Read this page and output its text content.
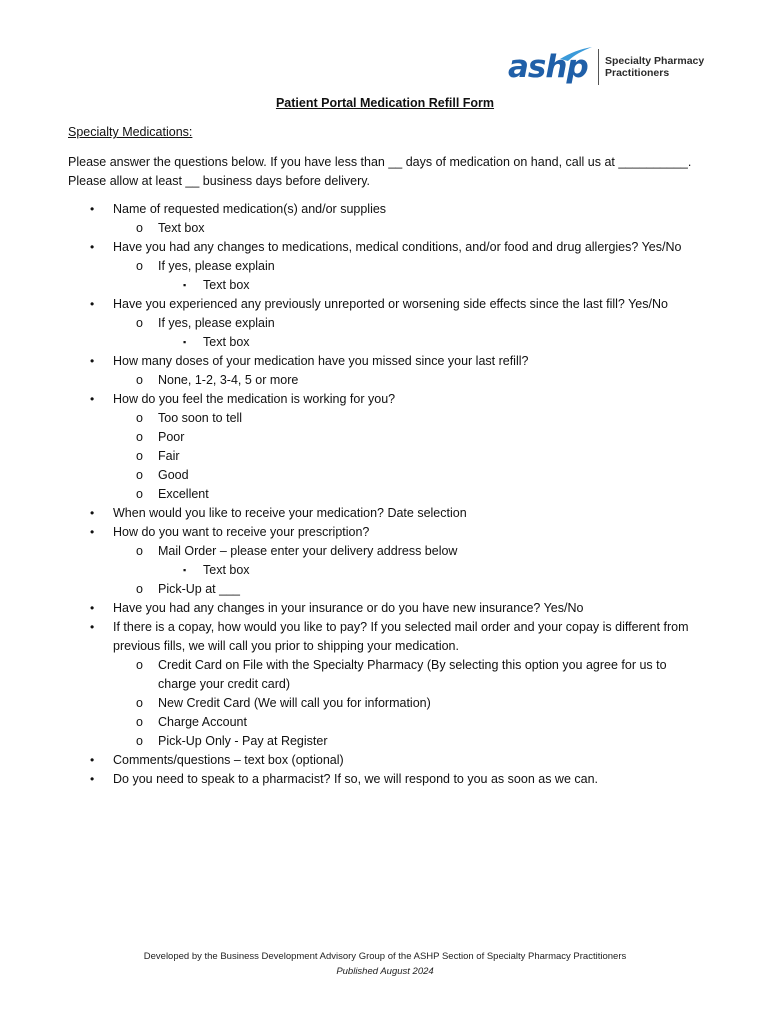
ashp Specialty Pharmacy
Practitioners
Patient Portal Medication Refill Form
Specialty Medications:
Please answer the questions below. If you have less than __ days of medication on hand, call us at __________.
Please allow at least __ business days before delivery.
• Name of requested medication(s) and/or supplies
o Text box
• Have you had any changes to medications, medical conditions, and/or food and drug allergies? Yes/No
o If yes, please explain
▪ Text box
• Have you experienced any previously unreported or worsening side effects since the last fill? Yes/No
o If yes, please explain
▪ Text box
• How many doses of your medication have you missed since your last refill?
o None, 1-2, 3-4, 5 or more
• How do you feel the medication is working for you?
o Too soon to tell
o Poor
o Fair
o Good
o Excellent
• When would you like to receive your medication? Date selection
• How do you want to receive your prescription?
o Mail Order – please enter your delivery address below
▪ Text box
o Pick-Up at ___
• Have you had any changes in your insurance or do you have new insurance? Yes/No
• If there is a copay, how would you like to pay? If you selected mail order and your copay is different from previous fills, we will call you prior to shipping your medication.
o Credit Card on File with the Specialty Pharmacy (By selecting this option you agree for us to charge your credit card)
o New Credit Card (We will call you for information)
o Charge Account
o Pick-Up Only - Pay at Register
• Comments/questions – text box (optional)
• Do you need to speak to a pharmacist? If so, we will respond to you as soon as we can.
Developed by the Business Development Advisory Group of the ASHP Section of Specialty Pharmacy Practitioners
Published August 2024
